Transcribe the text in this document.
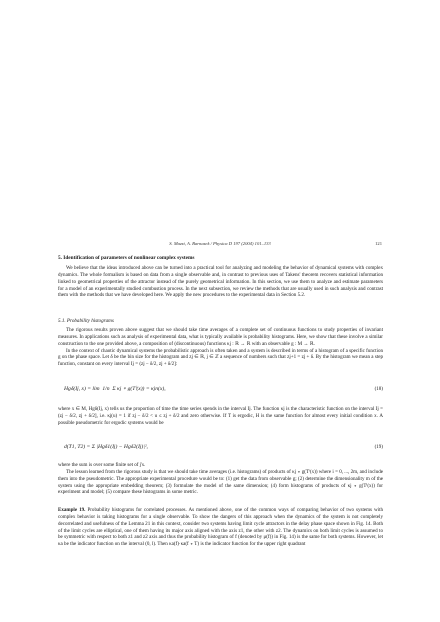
S. Mazzi, A. Barnasek / Physica D 197 (2004) 101–133	121
5. Identification of parameters of nonlinear complex systems

We believe that the ideas introduced above can be turned into a practical tool for analyzing and modeling the behavior of dynamical systems with complex dynamics. The whole formalism is based on data from a single observable and, in contrast to previous uses of Takens' theorem recovers statistical information linked to geometrical properties of the attractor instead of the purely geometrical information. In this section, we use them to analyze and estimate parameters for a model of an experimentally studied combustion process. In the next subsection, we review the methods that are usually used in such analysis and contrast them with the methods that we have developed here. We apply the new procedures to the experimental data in Section 5.2.

5.1. Probability histograms

The rigorous results proven above suggest that we should take time averages of a complete set of continuous functions to study properties of invariant measures. In applications such as analysis of experimental data, what is typically available is probability histograms. Here, we show that these involve a similar construction to the one provided above, a composition of (discontinuous) functions κj : ℝ → ℝ with an observable g : M → ℝ.

In the context of chaotic dynamical systems the probabilistic approach is often taken and a system is described in terms of a histogram of a specific function g on the phase space. Let δ be the bin size for the histogram and zj ∈ ℝ, j ∈ ℤ a sequence of numbers such that zj+1 = zj + δ. By the histogram we mean a step function, constant on every interval Ij = (zj − δ/2, zj + δ/2]:

Hgδ(Ij, x) = lim  1/n  Σ κj ∘ g(Tⁱ(x)) = κjn(x),	(18)

where x ∈ M, Hgδ(Ij, x) tells us the proportion of time the time series spends in the interval Ij. The function κj is the characteristic function on the interval Ij = (zj − δ/2, zj + δ/2], i.e. κj(u) = 1 if zj − δ/2 < u ≤ zj + δ/2 and zero otherwise. If T is ergodic, H is the same function for almost every initial condition x. A possible pseudometric for ergodic systems would be

d(T1, T2) = Σ |Hgδ1(Ij) − Hgδ2(Ij)|²,	(19)

where the sum is over some finite set of j's.

The lesson learned from the rigorous study is that we should take time averages (i.e. histograms) of products of κj ∘ g(Tⁱ(x)) where i = 0, ..., 2m, and include them into the pseudometric. The appropriate experimental procedure would be to: (1) get the data from observable g; (2) determine the dimensionality m of the system using the appropriate embedding theorem; (3) formulate the model of the same dimension; (4) form histograms of products of κj ∘ g(Tⁱ(x)) for experiment and model; (5) compare these histograms in some metric.

Example 19. Probability histograms for correlated processes. As mentioned above, one of the common ways of comparing behavior of two systems with complex behavior is taking histograms for a single observable. To show the dangers of this approach when the dynamics of the system is not completely decorrelated and usefulness of the Lemma 21 in this context, consider two systems having limit cycle attractors in the delay phase space shown in Fig. 14. Both of the limit cycles are elliptical, one of them having its major axis aligned with the axis z1, the other with z2. The dynamics on both limit cycles is assumed to be symmetric with respect to both z1 and z2 axis and thus the probability histogram of f (denoted by μ(f)) in Fig. 14) is the same for both systems. However, let κa be the indicator function on the interval (0, l). Then κa(f)·κa(f ∘ T) is the indicator function for the upper right quadrant
